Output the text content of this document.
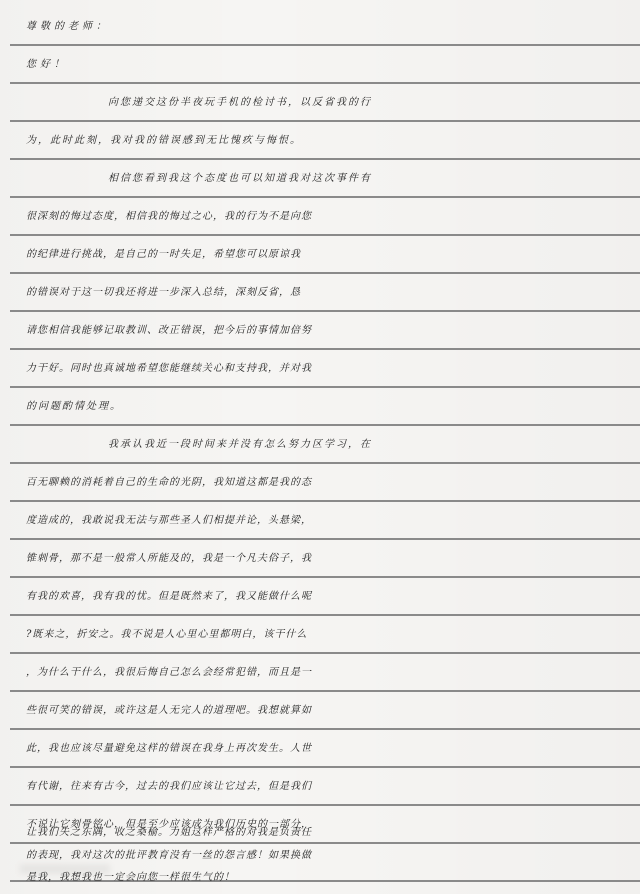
尊敬的老师：
您好！
向您递交这份半夜玩手机的检讨书，以反省我的行
为，此时此刻，我对我的错误感到无比愧疚与悔恨。
相信您看到我这个态度也可以知道我对这次事件有
很深刻的悔过态度，相信我的悔过之心，我的行为不是向您
的纪律进行挑战，是自己的一时失足，希望您可以原谅我
的错误对于这一切我还将进一步深入总结，深刻反省，恳
请您相信我能够记取教训、改正错误，把今后的事情加倍努
力干好。同时也真诚地希望您能继续关心和支持我，并对我
的问题酌情处理。
我承认我近一段时间来并没有怎么努力区学习，在
百无聊赖的消耗着自己的生命的光阴，我知道这都是我的态
度造成的，我敢说我无法与那些圣人们相提并论，头悬梁，
锥刺骨，那不是一般常人所能及的，我是一个凡夫俗子，我
有我的欢喜，我有我的忧。但是既然来了，我又能做什么呢
?既来之，折安之。我不说是人心里心里都明白，该干什么
，为什么干什么，我很后悔自己怎么会经常犯错，而且是一
些很可笑的错误，或许这是人无完人的道理吧。我想就算如
此，我也应该尽量避免这样的错误在我身上再次发生。人世
有代谢，往来有古今，过去的我们应该让它过去，但是我们
不说让它刻骨铭心，但是至少应该成为我们历史的一部分，
让我们失之东隅，收之桑榆。力姐这样严格的对我是负责任
的表现，我对这次的批评教育没有一丝的怨言感！如果换做
是我，我想我也一定会向您一样很生气的！
